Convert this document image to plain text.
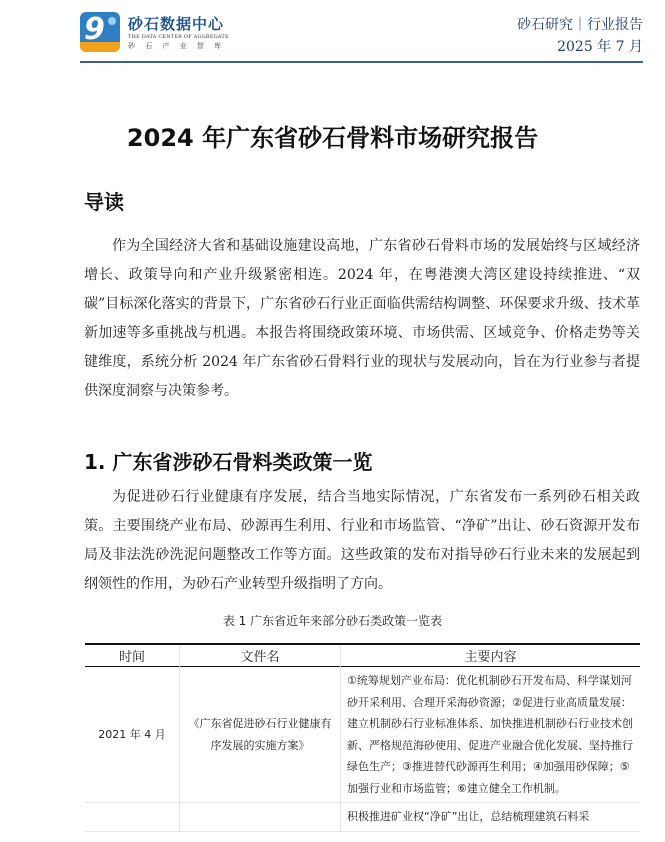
9 砂石数据中心
THE DATA CENTER OF AGGREGATE
砂 石 产 业 智 库
砂石研究｜行业报告
2025 年 7 月
2024 年广东省砂石骨料市场研究报告
导读
作为全国经济大省和基础设施建设高地，广东省砂石骨料市场的发展始终与区域经济增长、政策导向和产业升级紧密相连。2024 年，在粤港澳大湾区建设持续推进、“双碳”目标深化落实的背景下，广东省砂石行业正面临供需结构调整、环保要求升级、技术革新加速等多重挑战与机遇。本报告将围绕政策环境、市场供需、区域竞争、价格走势等关键维度，系统分析 2024 年广东省砂石骨料行业的现状与发展动向，旨在为行业参与者提供深度洞察与决策参考。
1. 广东省涉砂石骨料类政策一览
为促进砂石行业健康有序发展，结合当地实际情况，广东省发布一系列砂石相关政策。主要围绕产业布局、砂源再生利用、行业和市场监管、“净矿”出让、砂石资源开发布局及非法洗砂洗泥问题整改工作等方面。这些政策的发布对指导砂石行业未来的发展起到纲领性的作用，为砂石产业转型升级指明了方向。
表 1 广东省近年来部分砂石类政策一览表
时间	文件名	主要内容
2021 年 4 月	《广东省促进砂石行业健康有序发展的实施方案》	①统筹规划产业布局：优化机制砂石开发布局、科学谋划河砂开采利用、合理开采海砂资源；②促进行业高质量发展：建立机制砂石行业标准体系、加快推进机制砂石行业技术创新、严格规范海砂使用、促进产业融合优化发展、坚持推行绿色生产；③推进替代砂源再生利用；④加强用砂保障；⑤加强行业和市场监管；⑥建立健全工作机制。
		积极推进矿业权“净矿”出让，总结梳理建筑石料采
